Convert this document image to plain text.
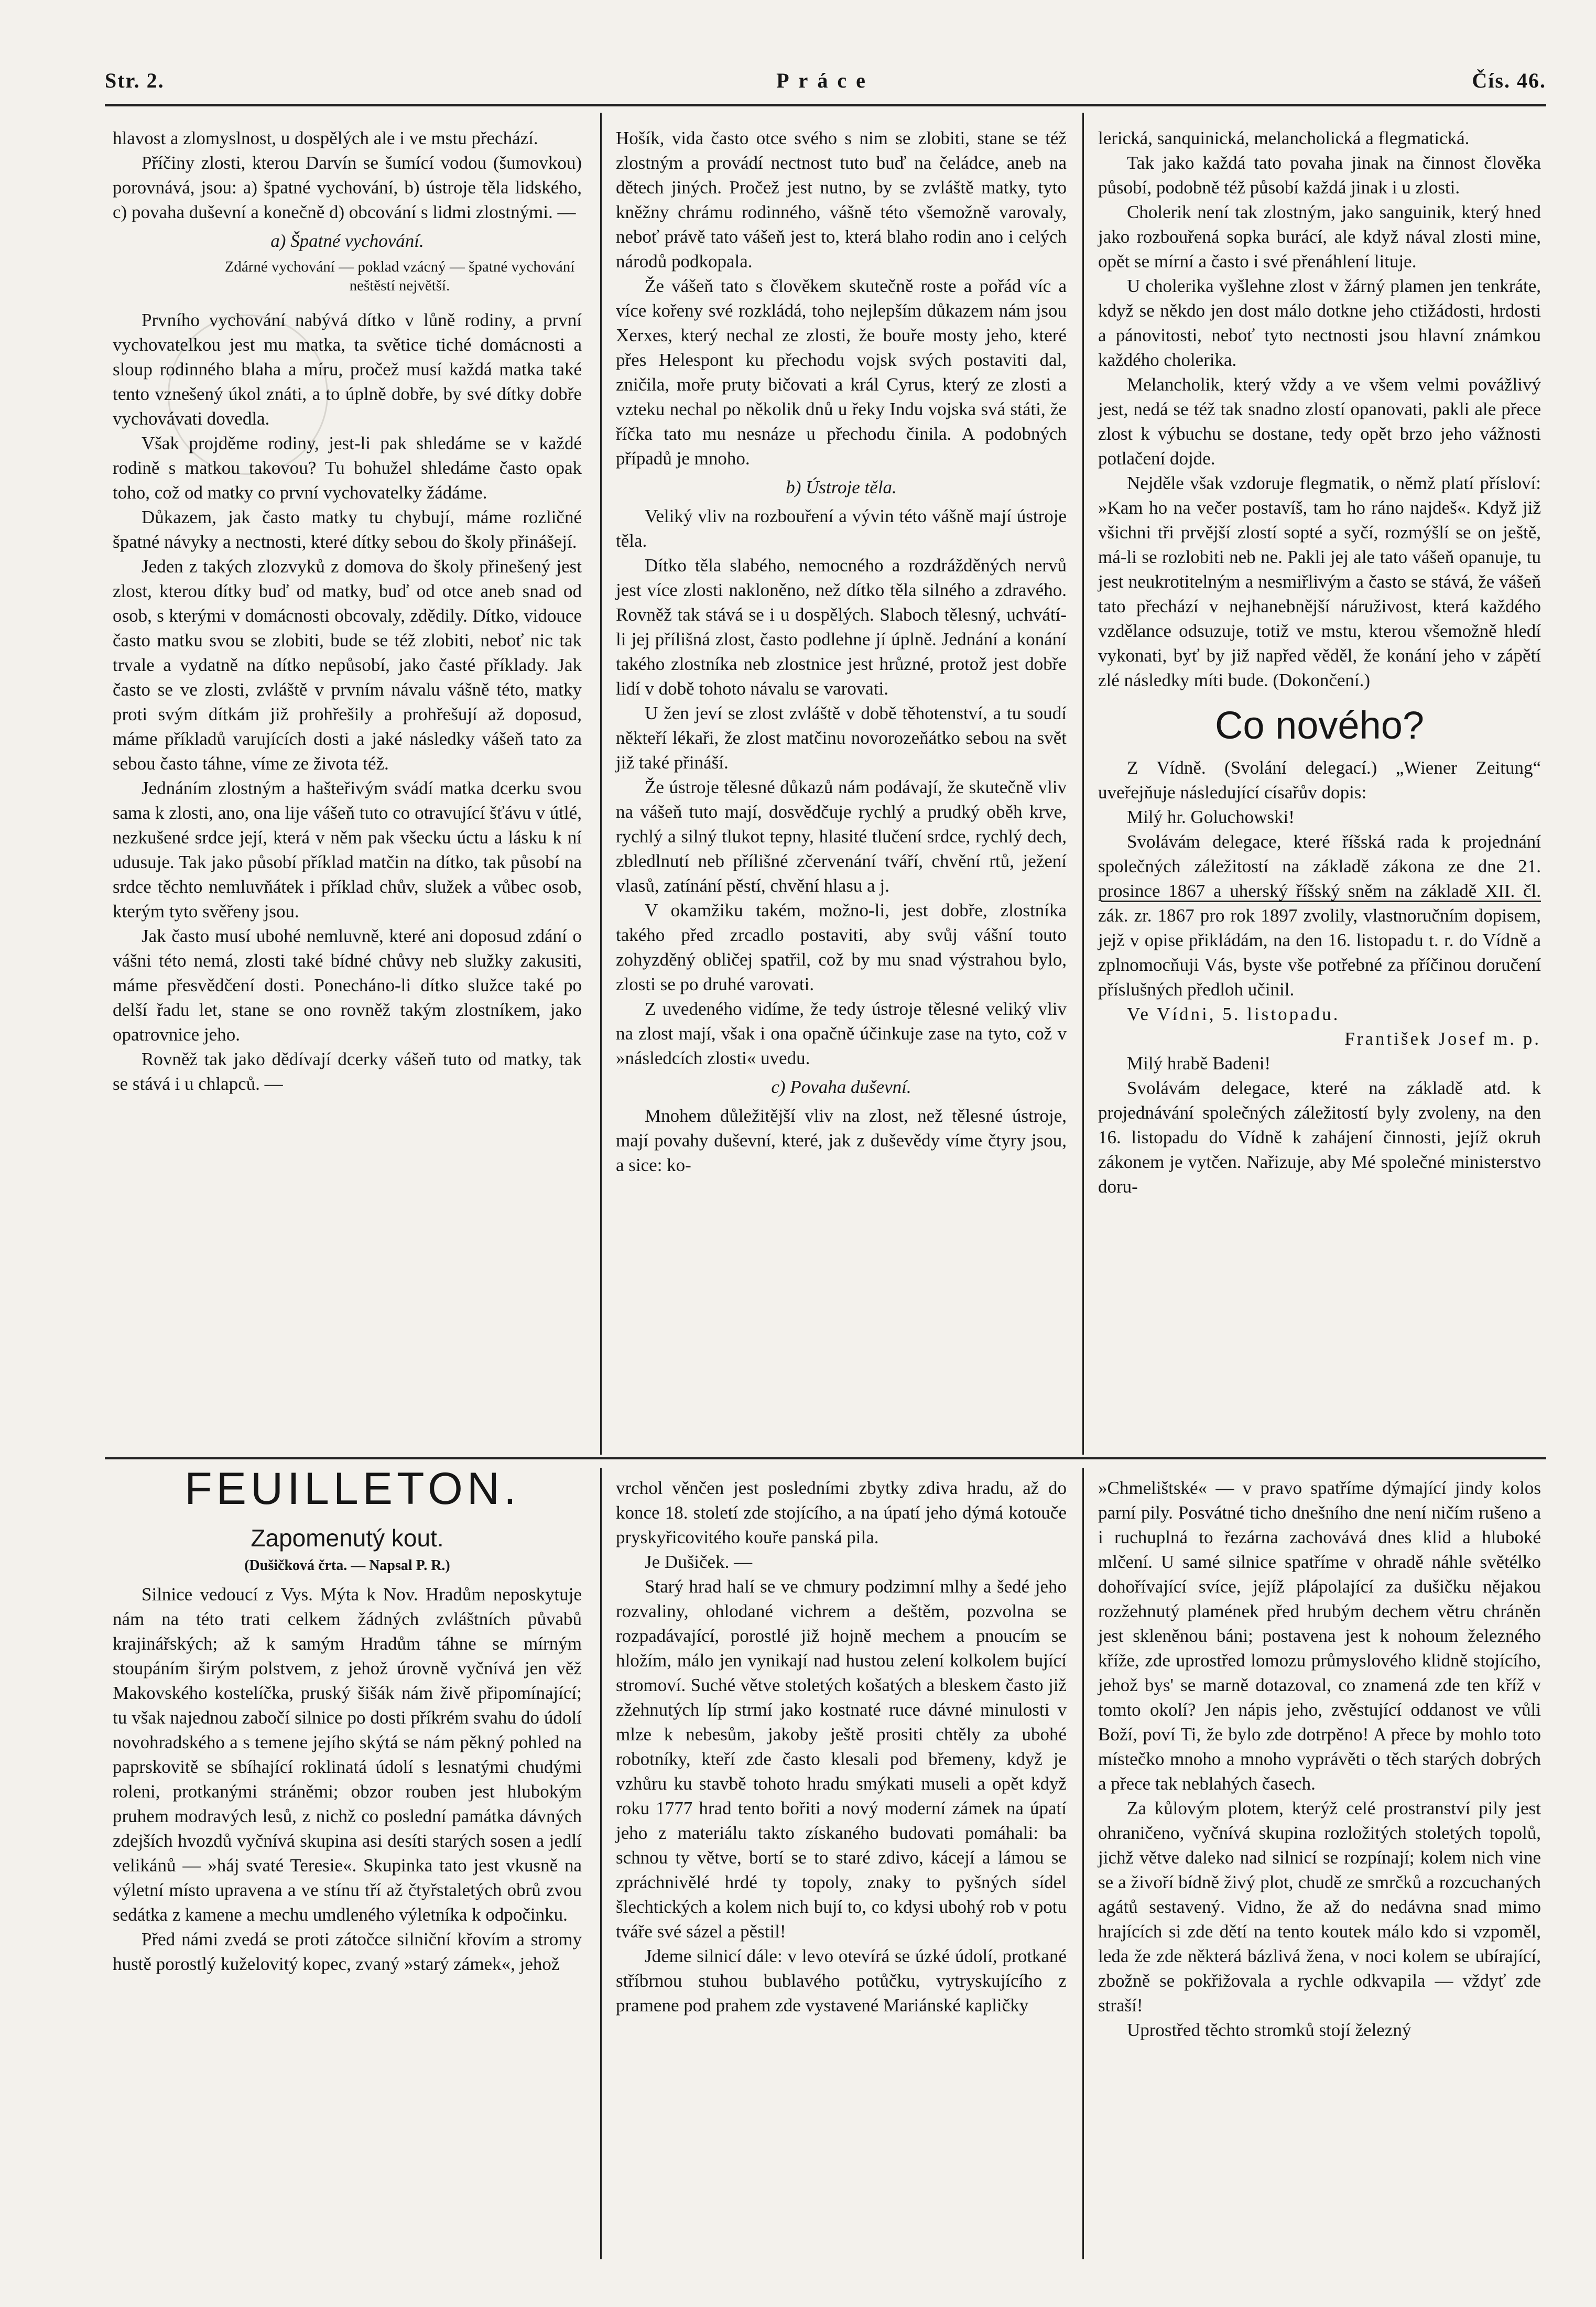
Str. 2.	Práce	Čís. 46.

hlavost a zlomyslnost, u dospělých ale i ve mstu přechází.

Příčiny zlosti, kterou Darvín se šumící vodou (šumovkou) porovnává, jsou: a) špatné vychování, b) ústroje těla lidského, c) povaha duševní a konečně d) obcování s lidmi zlostnými. —

a) Špatné vychování.

Zdárné vychování — poklad vzácný — špatné vychování neštěstí největší.

Prvního vychování nabývá dítko v lůně rodiny, a první vychovatelkou jest mu matka, ta světice tiché domácnosti a sloup rodinného blaha a míru, pročež musí každá matka také tento vznešený úkol znáti, a to úplně dobře, by své dítky dobře vychovávati dovedla.

Však projděme rodiny, jest-li pak shledáme se v každé rodině s matkou takovou? Tu bohužel shledáme často opak toho, což od matky co první vychovatelky žádáme.

Důkazem, jak často matky tu chybují, máme rozličné špatné návyky a nectnosti, které dítky sebou do školy přinášejí.

Jeden z takých zlozvyků z domova do školy přinešený jest zlost, kterou dítky buď od matky, buď od otce aneb snad od osob, s kterými v domácnosti obcovaly, zdědily. Dítko, vidouce často matku svou se zlobiti, bude se též zlobiti, neboť nic tak trvale a vydatně na dítko nepůsobí, jako časté příklady. Jak často se ve zlosti, zvláště v prvním návalu vášně této, matky proti svým dítkám již prohřešily a prohřešují až doposud, máme příkladů varujících dosti a jaké následky vášeň tato za sebou často táhne, víme ze života též.

Jednáním zlostným a hašteřivým svádí matka dcerku svou sama k zlosti, ano, ona lije vášeň tuto co otravující šťávu v útlé, nezkušené srdce její, která v něm pak všecku úctu a lásku k ní udusuje. Tak jako působí příklad matčin na dítko, tak působí na srdce těchto nemluvňátek i příklad chův, služek a vůbec osob, kterým tyto svěřeny jsou.

Jak často musí ubohé nemluvně, které ani doposud zdání o vášni této nemá, zlosti také bídné chůvy neb služky zakusiti, máme přesvědčení dosti. Ponecháno-li dítko služce také po delší řadu let, stane se ono rovněž takým zlostníkem, jako opatrovnice jeho.

Rovněž tak jako dědívají dcerky vášeň tuto od matky, tak se stává i u chlapců. —

Hošík, vida často otce svého s nim se zlobiti, stane se též zlostným a provádí nectnost tuto buď na čeládce, aneb na dětech jiných. Pročež jest nutno, by se zvláště matky, tyto kněžny chrámu rodinného, vášně této všemožně varovaly, neboť právě tato vášeň jest to, která blaho rodin ano i celých národů podkopala.

Že vášeň tato s člověkem skutečně roste a pořád víc a více kořeny své rozkládá, toho nejlepším důkazem nám jsou Xerxes, který nechal ze zlosti, že bouře mosty jeho, které přes Helespont ku přechodu vojsk svých postaviti dal, zničila, moře pruty bičovati a král Cyrus, který ze zlosti a vzteku nechal po několik dnů u řeky Indu vojska svá státi, že říčka tato mu nesnáze u přechodu činila. A podobných případů je mnoho.

b) Ústroje těla.

Veliký vliv na rozbouření a vývin této vášně mají ústroje těla.

Dítko těla slabého, nemocného a rozdrážděných nervů jest více zlosti nakloněno, než dítko těla silného a zdravého. Rovněž tak stává se i u dospělých. Slaboch tělesný, uchvátí-li jej přílišná zlost, často podlehne jí úplně. Jednání a konání takého zlostníka neb zlostnice jest hrůzné, protož jest dobře lidí v době tohoto návalu se varovati.

U žen jeví se zlost zvláště v době těhotenství, a tu soudí někteří lékaři, že zlost matčinu novorozeňátko sebou na svět již také přináší.

Že ústroje tělesné důkazů nám podávají, že skutečně vliv na vášeň tuto mají, dosvědčuje rychlý a prudký oběh krve, rychlý a silný tlukot tepny, hlasité tlučení srdce, rychlý dech, zbledlnutí neb přílišné zčervenání tváří, chvění rtů, ježení vlasů, zatínání pěstí, chvění hlasu a j.

V okamžiku takém, možno-li, jest dobře, zlostníka takého před zrcadlo postaviti, aby svůj vášní touto zohyzděný obličej spatřil, což by mu snad výstrahou bylo, zlosti se po druhé varovati.

Z uvedeného vidíme, že tedy ústroje tělesné veliký vliv na zlost mají, však i ona opačně účinkuje zase na tyto, což v »následcích zlosti« uvedu.

c) Povaha duševní.

Mnohem důležitější vliv na zlost, než tělesné ústroje, mají povahy duševní, které, jak z duševědy víme čtyry jsou, a sice: ko-

lerická, sanquinická, melancholická a flegmatická.

Tak jako každá tato povaha jinak na činnost člověka působí, podobně též působí každá jinak i u zlosti.

Cholerik není tak zlostným, jako sanguinik, který hned jako rozbouřená sopka burácí, ale když nával zlosti mine, opět se mírní a často i své přenáhlení lituje.

U cholerika vyšlehne zlost v žárný plamen jen tenkráte, když se někdo jen dost málo dotkne jeho ctižádosti, hrdosti a pánovitosti, neboť tyto nectnosti jsou hlavní známkou každého cholerika.

Melancholik, který vždy a ve všem velmi povážlivý jest, nedá se též tak snadno zlostí opanovati, pakli ale přece zlost k výbuchu se dostane, tedy opět brzo jeho vážnosti potlačení dojde.

Nejděle však vzdoruje flegmatik, o němž platí přísloví: »Kam ho na večer postavíš, tam ho ráno najdeš«. Když již všichni tři prvější zlostí sopté a syčí, rozmýšlí se on ještě, má-li se rozlobiti neb ne. Pakli jej ale tato vášeň opanuje, tu jest neukrotitelným a nesmiřlivým a často se stává, že vášeň tato přechází v nejhanebnější náruživost, která každého vzdělance odsuzuje, totiž ve mstu, kterou všemožně hledí vykonati, byť by již napřed věděl, že konání jeho v zápětí zlé následky míti bude. (Dokončení.)

Co nového?

Z Vídně. (Svolání delegací.) „Wiener Zeitung“ uveřejňuje následující císařův dopis:

Milý hr. Goluchowski!

Svolávám delegace, které říšská rada k projednání společných záležitostí na základě zákona ze dne 21. prosince 1867 a uherský říšský sněm na základě XII. čl. zák. zr. 1867 pro rok 1897 zvolily, vlastnoručním dopisem, jejž v opise přikládám, na den 16. listopadu t. r. do Vídně a zplnomocňuji Vás, byste vše potřebné za příčinou doručení příslušných předloh učinil.

Ve Vídni, 5. listopadu.

František Josef m. p.

Milý hrabě Badeni!

Svolávám delegace, které na základě atd. k projednávání společných záležitostí byly zvoleny, na den 16. listopadu do Vídně k zahájení činnosti, jejíž okruh zákonem je vytčen. Nařizuje, aby Mé společné ministerstvo doru-

FEUILLETON.

Zapomenutý kout.

(Dušičková črta. — Napsal P. R.)

Silnice vedoucí z Vys. Mýta k Nov. Hradům neposkytuje nám na této trati celkem žádných zvláštních půvabů krajinářských; až k samým Hradům táhne se mírným stoupáním širým polstvem, z jehož úrovně vyčnívá jen věž Makovského kostelíčka, pruský šišák nám živě připomínající; tu však najednou zabočí silnice po dosti příkrém svahu do údolí novohradského a s temene jejího skýtá se nám pěkný pohled na paprskovitě se sbíhající roklinatá údolí s lesnatými chudými roleni, protkanými stráněmi; obzor rouben jest hlubokým pruhem modravých lesů, z nichž co poslední památka dávných zdejších hvozdů vyčnívá skupina asi desíti starých sosen a jedlí velikánů — »háj svaté Teresie«. Skupinka tato jest vkusně na výletní místo upravena a ve stínu tří až čtyřstaletých obrů zvou sedátka z kamene a mechu umdleného výletníka k odpočinku.

Před námi zvedá se proti zátočce silniční křovím a stromy hustě porostlý kuželovitý kopec, zvaný »starý zámek«, jehož

vrchol věnčen jest posledními zbytky zdiva hradu, až do konce 18. století zde stojícího, a na úpatí jeho dýmá kotouče pryskyřicovitého kouře panská pila.

Je Dušiček. —

Starý hrad halí se ve chmury podzimní mlhy a šedé jeho rozvaliny, ohlodané vichrem a deštěm, pozvolna se rozpadávající, porostlé již hojně mechem a pnoucím se hložím, málo jen vynikají nad hustou zelení kolkolem bující stromoví. Suché větve stoletých košatých a bleskem často již zžehnutých líp strmí jako kostnaté ruce dávné minulosti v mlze k nebesům, jakoby ještě prositi chtěly za ubohé robotníky, kteří zde často klesali pod břemeny, když je vzhůru ku stavbě tohoto hradu smýkati museli a opět když roku 1777 hrad tento bořiti a nový moderní zámek na úpatí jeho z materiálu takto získaného budovati pomáhali: ba schnou ty větve, bortí se to staré zdivo, kácejí a lámou se zpráchnivělé hrdé ty topoly, znaky to pyšných sídel šlechtických a kolem nich bují to, co kdysi ubohý rob v potu tváře své sázel a pěstil!

Jdeme silnicí dále: v levo otevírá se úzké údolí, protkané stříbrnou stuhou bublavého potůčku, vytryskujícího z pramene pod prahem zde vystavené Mariánské kapličky

»Chmelištské« — v pravo spatříme dýmající jindy kolos parní pily. Posvátné ticho dnešního dne není ničím rušeno a i ruchuplná to řezárna zachovává dnes klid a hluboké mlčení. U samé silnice spatříme v ohradě náhle světélko dohořívající svíce, jejíž plápolající za dušičku nějakou rozžehnutý plamének před hrubým dechem větru chráněn jest skleněnou báni; postavena jest k nohoum železného kříže, zde uprostřed lomozu průmyslového klidně stojícího, jehož bys' se marně dotazoval, co znamená zde ten kříž v tomto okolí? Jen nápis jeho, zvěstující oddanost ve vůli Boží, poví Ti, že bylo zde dotrpěno! A přece by mohlo toto místečko mnoho a mnoho vyprávěti o těch starých dobrých a přece tak neblahých časech.

Za kůlovým plotem, kterýž celé prostranství pily jest ohraničeno, vyčnívá skupina rozložitých stoletých topolů, jichž větve daleko nad silnicí se rozpínají; kolem nich vine se a živoří bídně živý plot, chudě ze smrčků a rozcuchaných agátů sestavený. Vidno, že až do nedávna snad mimo hrajících si zde dětí na tento koutek málo kdo si vzpoměl, leda že zde některá bázlivá žena, v noci kolem se ubírající, zbožně se pokřižovala a rychle odkvapila — vždyť zde straší!

Uprostřed těchto stromků stojí železný
